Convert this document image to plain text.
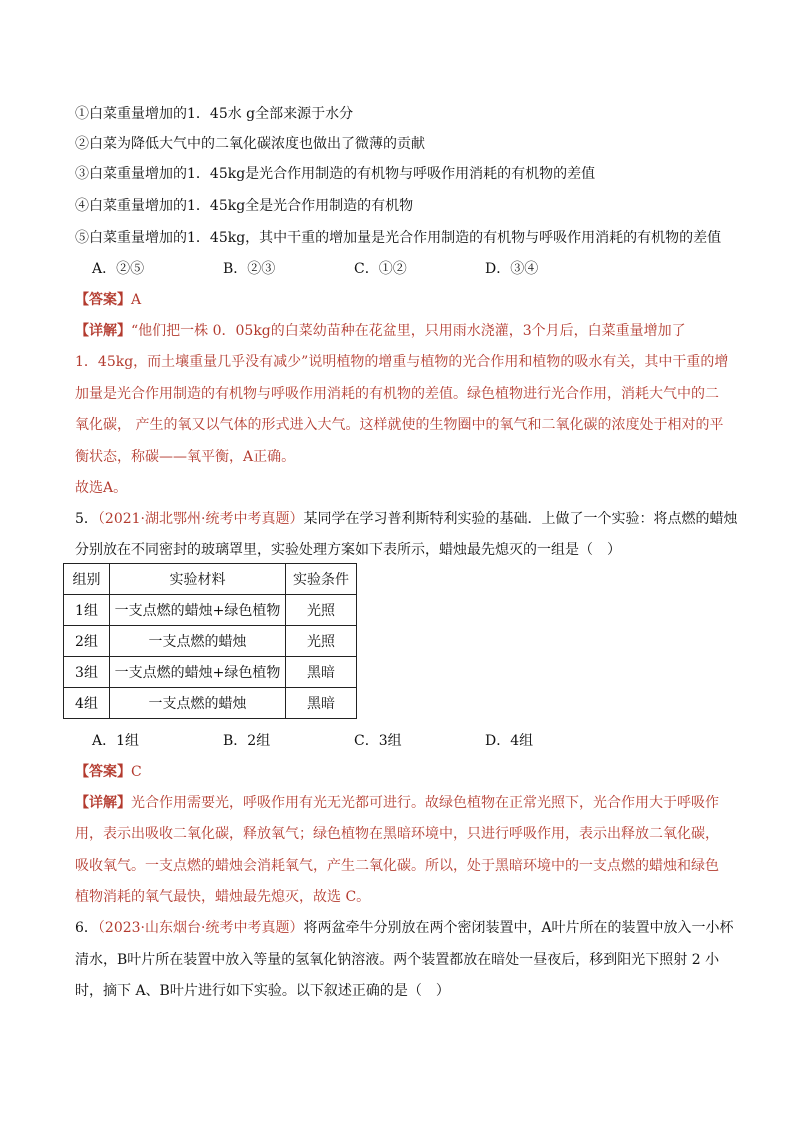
①白菜重量增加的1．45水 g全部来源于水分
②白菜为降低大气中的二氧化碳浓度也做出了微薄的贡献
③白菜重量增加的1．45kg是光合作用制造的有机物与呼吸作用消耗的有机物的差值
④白菜重量增加的1．45kg全是光合作用制造的有机物
⑤白菜重量增加的1．45kg，其中干重的增加量是光合作用制造的有机物与呼吸作用消耗的有机物的差值
A．②⑤	B．②③	C．①②	D．③④
【答案】A
【详解】“他们把一株 0．05kg的白菜幼苗种在花盆里，只用雨水浇灌，3个月后，白菜重量增加了
1．45kg，而土壤重量几乎没有减少”说明植物的增重与植物的光合作用和植物的吸水有关，其中干重的增
加量是光合作用制造的有机物与呼吸作用消耗的有机物的差值。绿色植物进行光合作用，消耗大气中的二
氧化碳， 产生的氧又以气体的形式进入大气。这样就使的生物圈中的氧气和二氧化碳的浓度处于相对的平
衡状态，称碳——氧平衡，A正确。
故选A。
5．（2021·湖北鄂州·统考中考真题）某同学在学习普利斯特利实验的基础．上做了一个实验：将点燃的蜡烛
分别放在不同密封的玻璃罩里，实验处理方案如下表所示，蜡烛最先熄灭的一组是（　）
组别	实验材料	实验条件
1组	一支点燃的蜡烛+绿色植物	光照
2组	一支点燃的蜡烛	光照
3组	一支点燃的蜡烛+绿色植物	黑暗
4组	一支点燃的蜡烛	黑暗
A．1组	B．2组	C．3组	D．4组
【答案】C
【详解】光合作用需要光，呼吸作用有光无光都可进行。故绿色植物在正常光照下，光合作用大于呼吸作
用，表示出吸收二氧化碳，释放氧气；绿色植物在黑暗环境中，只进行呼吸作用，表示出释放二氧化碳，
吸收氧气。一支点燃的蜡烛会消耗氧气，产生二氧化碳。所以，处于黑暗环境中的一支点燃的蜡烛和绿色
植物消耗的氧气最快，蜡烛最先熄灭，故选 C。
6．（2023·山东烟台·统考中考真题）将两盆牵牛分别放在两个密闭装置中，A叶片所在的装置中放入一小杯
清水，B叶片所在装置中放入等量的氢氧化钠溶液。两个装置都放在暗处一昼夜后，移到阳光下照射 2 小
时，摘下 A、B叶片进行如下实验。以下叙述正确的是（　）
